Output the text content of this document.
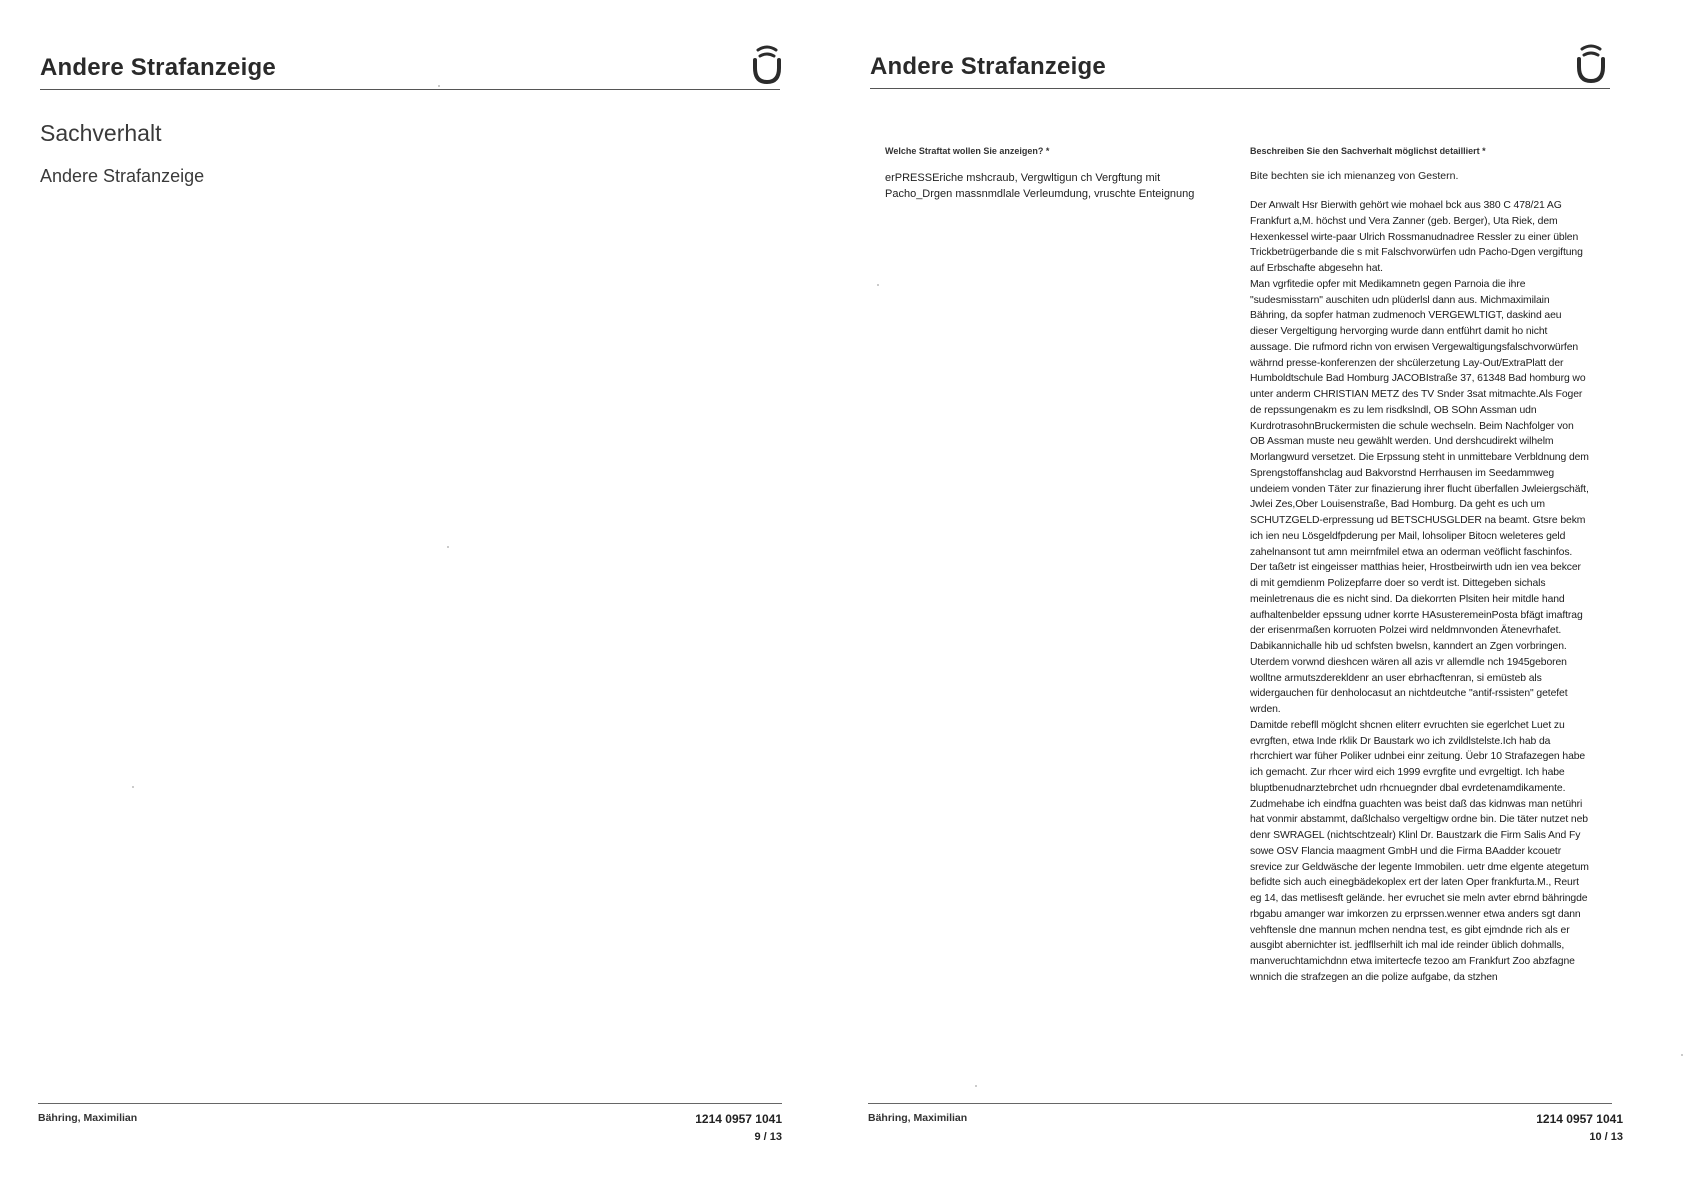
Andere Strafanzeige
Sachverhalt
Andere Strafanzeige
Bähring, Maximilian	1214 0957 1041
9 / 13
Andere Strafanzeige
Welche Straftat wollen Sie anzeigen? *
erPRESSEriche mshcraub, Vergwltigun ch Vergftung mit Pacho_Drgen massnmdlale Verleumdung, vruschte Enteignung
Beschreiben Sie den Sachverhalt möglichst detailliert *
Bite bechten sie ich mienanzeg von Gestern.
Der Anwalt Hsr Bierwith gehört wie mohael bck aus 380 C 478/21 AG Frankfurt a,M. höchst und Vera Zanner (geb. Berger), Uta Riek, dem Hexenkessel wirte-paar Ulrich Rossmanudnadree Ressler zu einer üblen Trickbetrügerbande die s mit Falschvorwürfen udn Pacho-Dgen vergiftung auf Erbschafte abgesehn hat.
Man vgrfitedie opfer mit Medikamnetn gegen Parnoia die ihre "sudesmisstarn" auschiten udn plüderlsl dann aus. Michmaximilain Bähring, da sopfer hatman zudmenoch VERGEWLTIGT, daskind aeu dieser Vergeltigung hervorging wurde dann entführt damit ho nicht aussage. Die rufmord richn von erwisen Vergewaltigungsfalschvorwürfen währnd presse-konferenzen der shcülerzetung Lay-Out/ExtraPlatt der Humboldtschule Bad Homburg JACOBIstraße 37, 61348 Bad homburg wo unter anderm CHRISTIAN METZ des TV Snder 3sat mitmachte.Als Foger de repssungenakm es zu lem risdkslndl, OB SOhn Assman udn KurdrotrasohnBruckermisten die schule wechseln. Beim Nachfolger von OB Assman muste neu gewählt werden. Und dershcudirekt wilhelm Morlangwurd versetzet. Die Erpssung steht in unmittebare Verbldnung dem Sprengstoffanshclag aud Bakvorstnd Herrhausen im Seedammweg undeiem vonden Täter zur finazierung ihrer flucht überfallen Jwleiergschäft, Jwlei Zes,Ober Louisenstraße, Bad Homburg. Da geht es uch um SCHUTZGELD-erpressung ud BETSCHUSGLDER na beamt. Gtsre bekm ich ien neu Lösgeldfpderung per Mail, lohsoliper Bitocn weleteres geld zahelnansont tut amn meirnfmilel etwa an oderman veöflicht faschinfos. Der taßetr ist eingeisser matthias heier, Hrostbeirwirth udn ien vea bekcer di mit gemdienm Polizepfarre doer so verdt ist. Dittegeben sichals meinletrenaus die es nicht sind. Da diekorrten Plsiten heir mitdle hand aufhaltenbelder epssung udner korrte HAsusteremeinPosta bfägt imaftrag der erisenrmaßen korruoten Polzei wird neldmnvonden Ätenevrhafet. Dabikannichalle hib ud schfsten bwelsn, kanndert an Zgen vorbringen. Uterdem vorwnd dieshcen wären all azis vr allemdle nch 1945geboren wolltne armutszderekldenr an user ebrhacftenran, si emüsteb als widergauchen für denholocasut an nichtdeutche "antif-rssisten" getefet wrden.
Damitde rebefll möglcht shcnen eliterr evruchten sie egerlchet Luet zu evrgften, etwa Inde rklik Dr Baustark wo ich zvildlstelste.Ich hab da rhcrchiert war füher Poliker udnbei einr zeitung. Üebr 10 Strafazegen habe ich gemacht. Zur rhcer wird eich 1999 evrgfite und evrgeltigt. Ich habe bluptbenudnarztebrchet udn rhcnuegnder dbal evrdetenamdikamente. Zudmehabe ich eindfna guachten was beist daß das kidnwas man netühri hat vonmir abstammt, daßlchalso vergeltigw ordne bin. Die täter nutzet neb denr SWRAGEL (nichtschtzealr) Klinl Dr. Baustzark die Firm Salis And Fy sowe OSV Flancia maagment GmbH und die Firma BAadder kcouetr srevice zur Geldwäsche der legente Immobilen. uetr dme elgente ategetum befidte sich auch einegbädekoplex ert der laten Oper frankfurta.M., Reurt eg 14, das metlisesft gelände. her evruchet sie meln avter ebrnd bähringde rbgabu amanger war imkorzen zu erprssen.wenner etwa anders sgt dann vehftensle dne mannun mchen nendna test, es gibt ejmdnde rich als er ausgibt abernichter ist. jedfllserhilt ich mal ide reinder üblich dohmalls, manveruchtamichdnn etwa imitertecfe tezoo am Frankfurt Zoo abzfagne wnnich die strafzegen an die polize aufgabe, da stzhen
Bähring, Maximilian	1214 0957 1041
10 / 13
